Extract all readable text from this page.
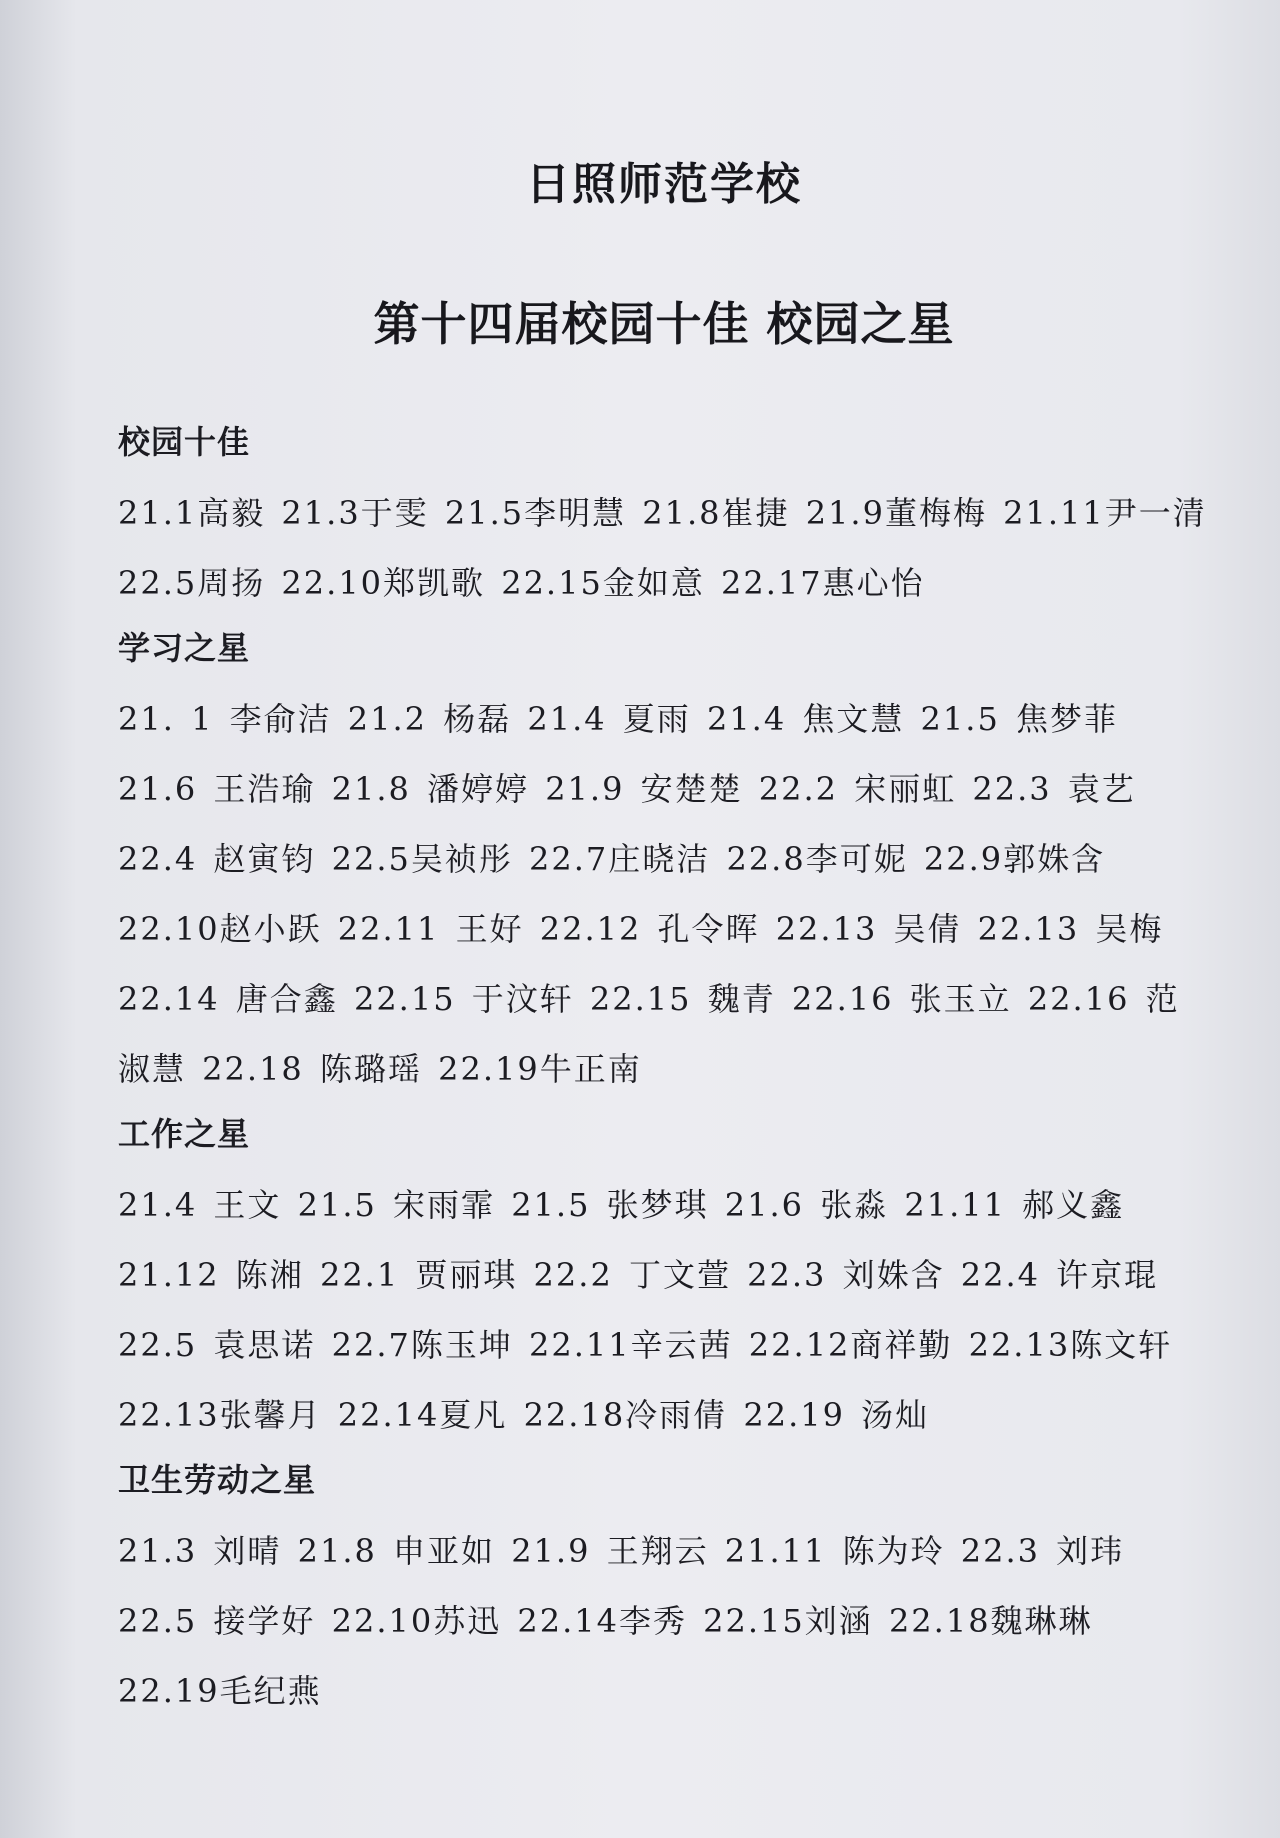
日照师范学校
第十四届校园十佳 校园之星
校园十佳
21.1高毅 21.3于雯 21.5李明慧 21.8崔捷 21.9董梅梅 21.11尹一清 22.5周扬 22.10郑凯歌 22.15金如意 22.17惠心怡
学习之星
21. 1 李俞洁 21.2 杨磊 21.4 夏雨 21.4 焦文慧 21.5 焦梦菲 21.6 王浩瑜 21.8 潘婷婷 21.9 安楚楚 22.2 宋丽虹 22.3 袁艺 22.4 赵寅钧 22.5吴祯彤 22.7庄晓洁 22.8李可妮 22.9郭姝含 22.10赵小跃 22.11 王好 22.12 孔令晖 22.13 吴倩 22.13 吴梅 22.14 唐合鑫 22.15 于汶轩 22.15 魏青 22.16 张玉立 22.16 范淑慧 22.18 陈璐瑶 22.19牛正南
工作之星
21.4 王文 21.5 宋雨霏 21.5 张梦琪 21.6 张淼 21.11 郝义鑫 21.12 陈湘 22.1 贾丽琪 22.2 丁文萱 22.3 刘姝含 22.4 许京琨 22.5 袁思诺 22.7陈玉坤 22.11辛云茜 22.12商祥勤 22.13陈文轩 22.13张馨月 22.14夏凡 22.18冷雨倩 22.19 汤灿
卫生劳动之星
21.3 刘晴 21.8 申亚如 21.9 王翔云 21.11 陈为玲 22.3 刘玮 22.5 接学好 22.10苏迅 22.14李秀 22.15刘涵 22.18魏琳琳 22.19毛纪燕
